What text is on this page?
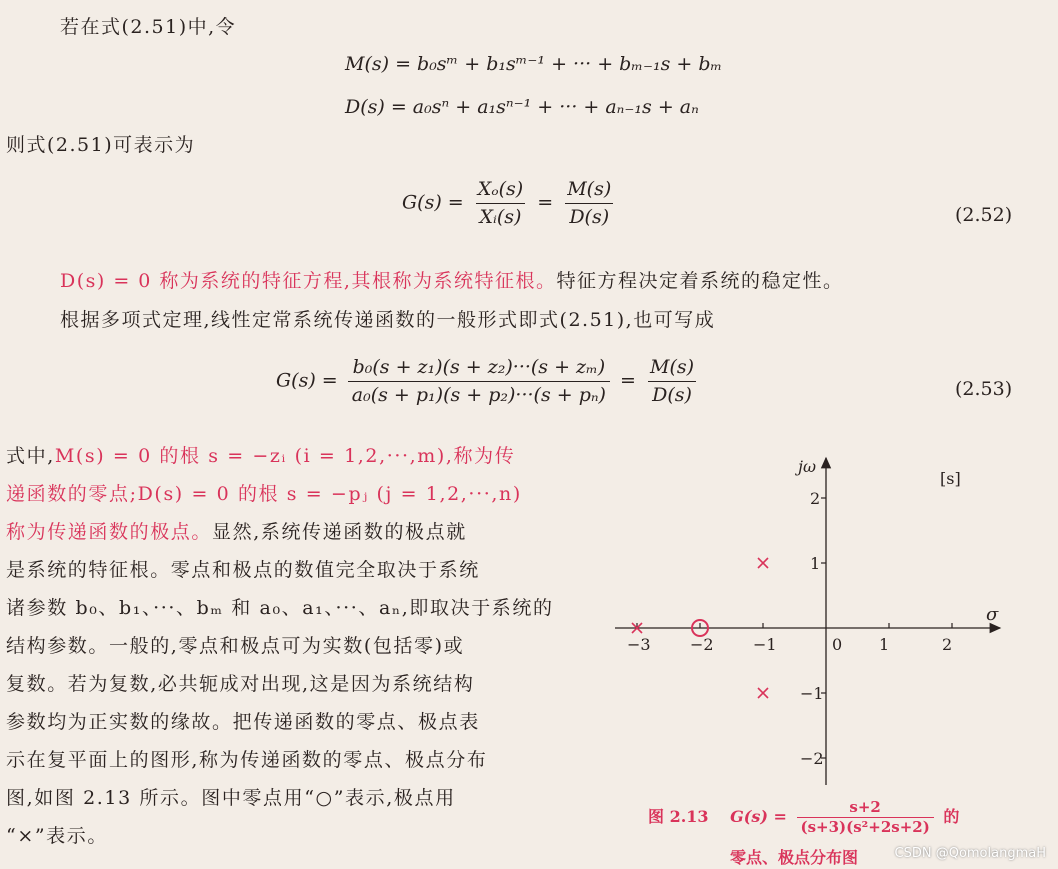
若在式(2.51)中,令
M(s) = b₀sᵐ + b₁sᵐ⁻¹ + ··· + bₘ₋₁s + bₘ
D(s) = a₀sⁿ + a₁sⁿ⁻¹ + ··· + aₙ₋₁s + aₙ
则式(2.51)可表示为
$G(s) = \frac{\text{Xₒ(s)}}{\text{Xᵢ(s)}} = \frac{M(s)}{D(s)}$	(2.52)
D(s) = 0 称为系统的特征方程,其根称为系统特征根。特征方程决定着系统的稳定性。
根据多项式定理,线性定常系统传递函数的一般形式即式(2.51),也可写成
$G(s) = \frac{\text{b₀(s + z₁)(s + z₂)···(s + zₘ)}}{\text{a₀(s + p₁)(s + p₂)···(s + pₙ)}} = \frac{M(s)}{D(s)}$	(2.53)
式中,M(s) = 0 的根 s = −zᵢ (i = 1,2,···,m),称为传
递函数的零点;D(s) = 0 的根 s = −pⱼ (j = 1,2,···,n)
称为传递函数的极点。显然,系统传递函数的极点就
是系统的特征根。零点和极点的数值完全取决于系统
诸参数 b₀、b₁、···、bₘ 和 a₀、a₁、···、aₙ,即取决于系统的
结构参数。一般的,零点和极点可为实数(包括零)或
复数。若为复数,必共轭成对出现,这是因为系统结构
参数均为正实数的缘故。把传递函数的零点、极点表
示在复平面上的图形,称为传递函数的零点、极点分布
图,如图 2.13 所示。图中零点用“○”表示,极点用
“×”表示。
jω
σ
[s]
−3 −2 −1	0 1	2
2
1
−1
−2
图 2.13 $G(s) = \frac{s+2}{\text{(s+3)(s²+2s+2)}}$ 的
零点、极点分布图	CSDN @QomolangmaH
